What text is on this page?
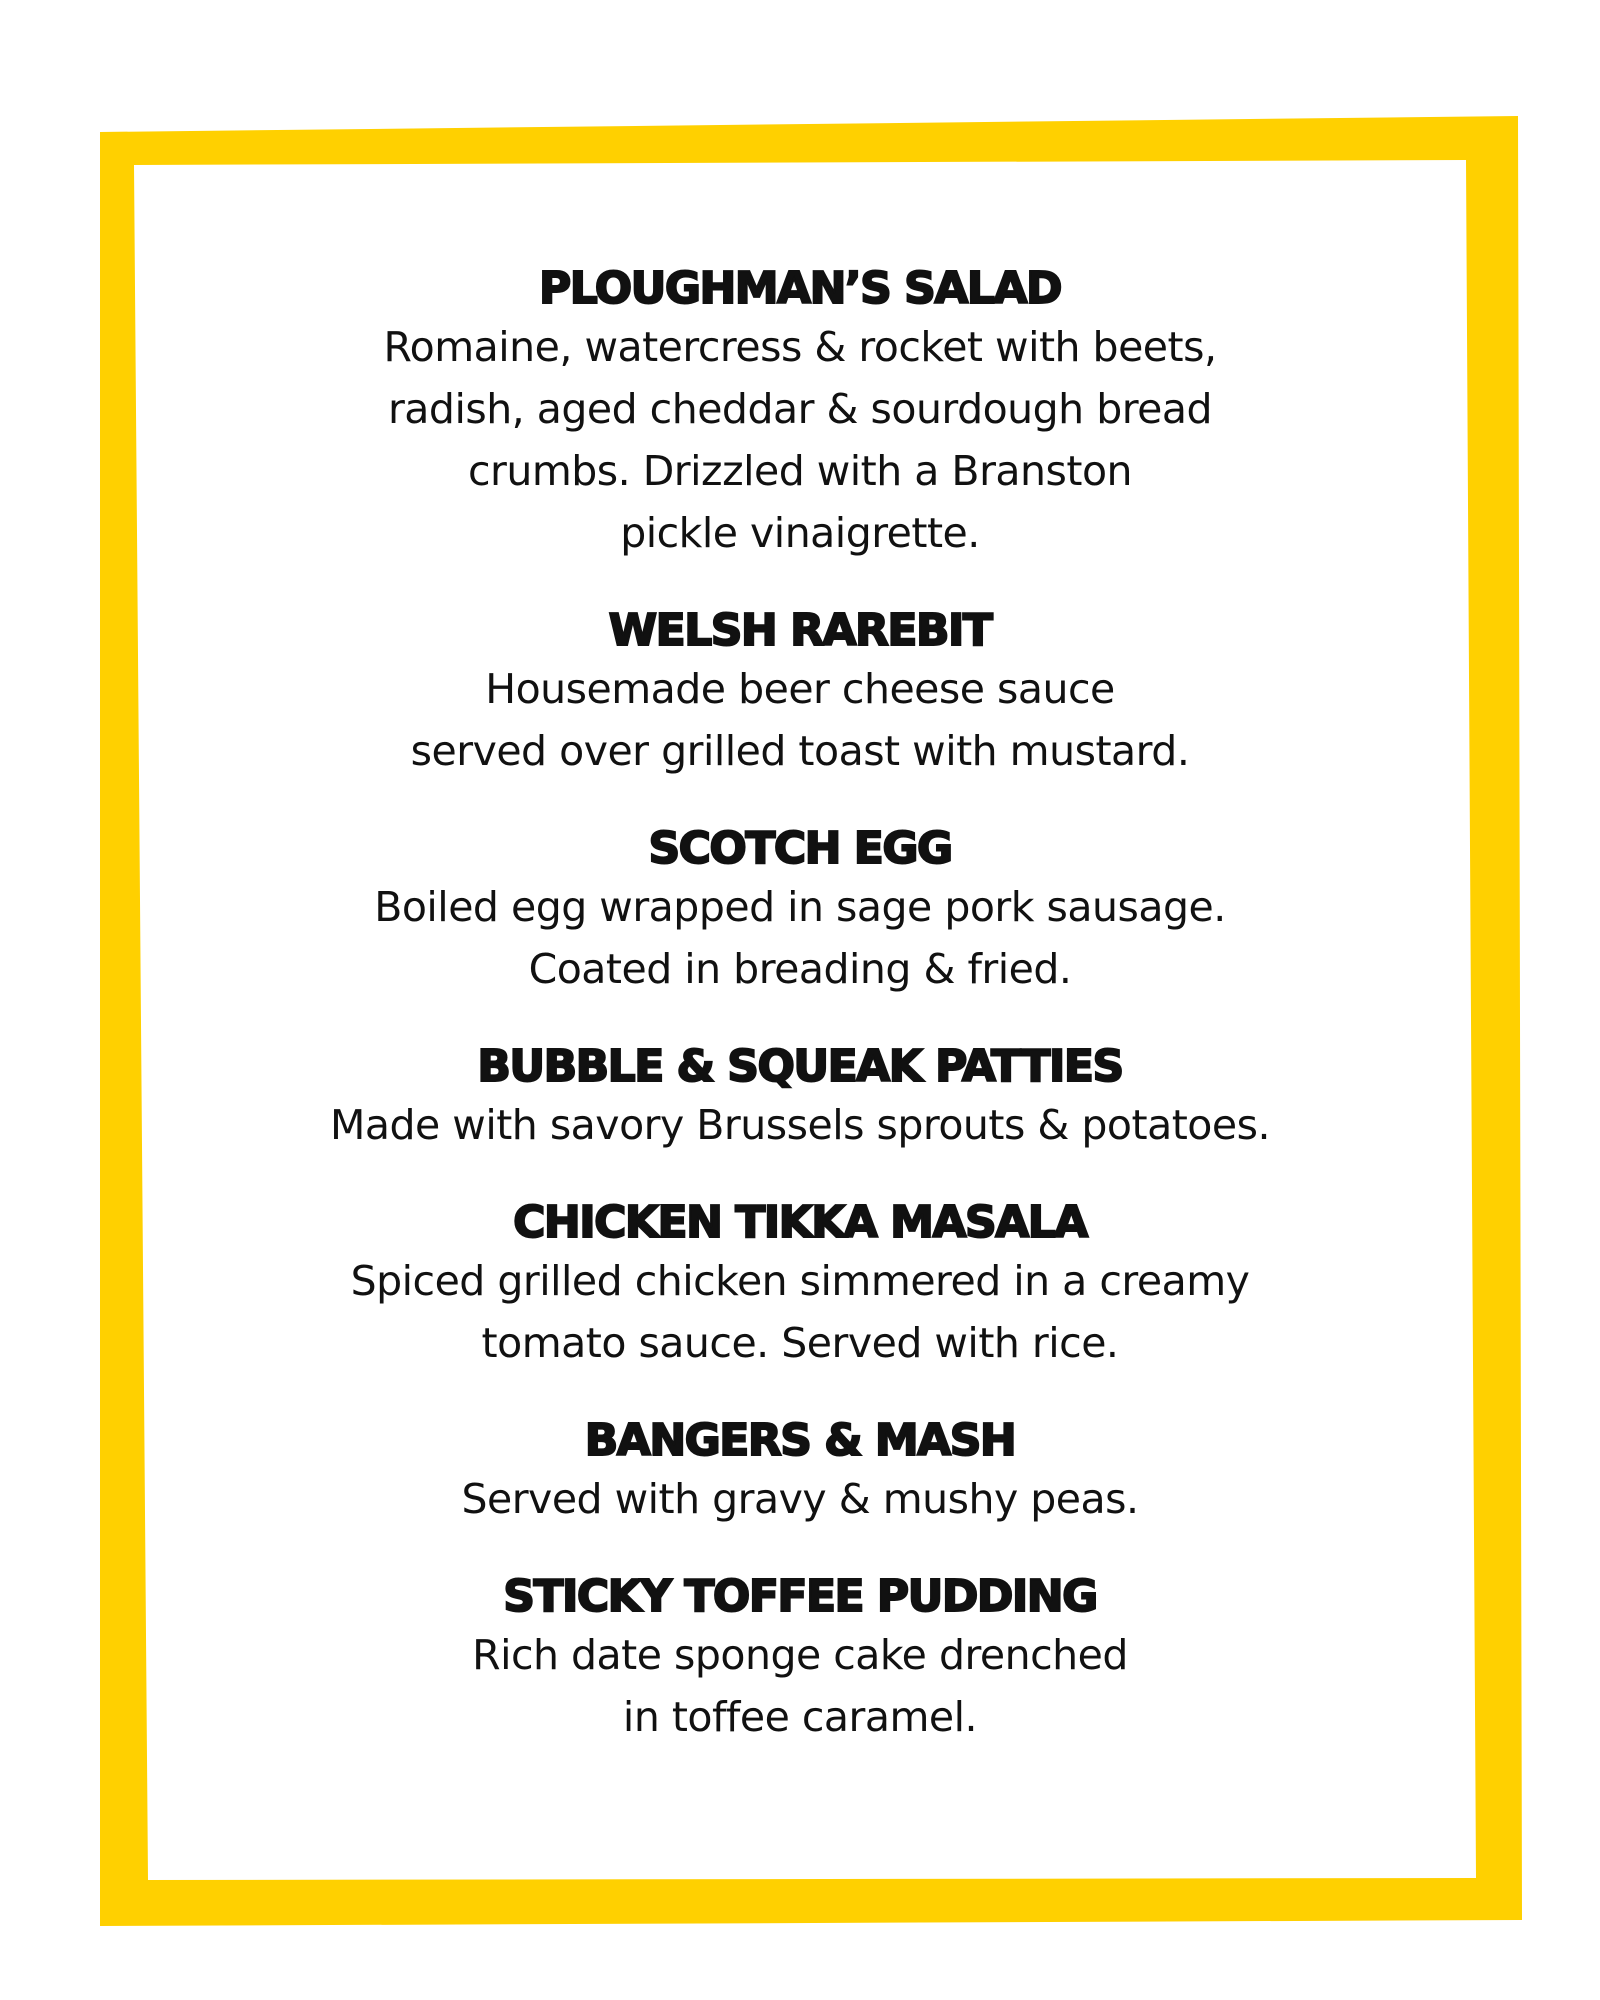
PLOUGHMAN’S SALAD

Romaine, watercress & rocket with beets,
radish, aged cheddar & sourdough bread
crumbs. Drizzled with a Branston
pickle vinaigrette.

WELSH RAREBIT

Housemade beer cheese sauce
served over grilled toast with mustard.

SCOTCH EGG

Boiled egg wrapped in sage pork sausage.
Coated in breading & fried.

BUBBLE & SQUEAK PATTIES

Made with savory Brussels sprouts & potatoes.

CHICKEN TIKKA MASALA

Spiced grilled chicken simmered in a creamy
tomato sauce. Served with rice.

BANGERS & MASH

Served with gravy & mushy peas.

STICKY TOFFEE PUDDING

Rich date sponge cake drenched
in toffee caramel.
